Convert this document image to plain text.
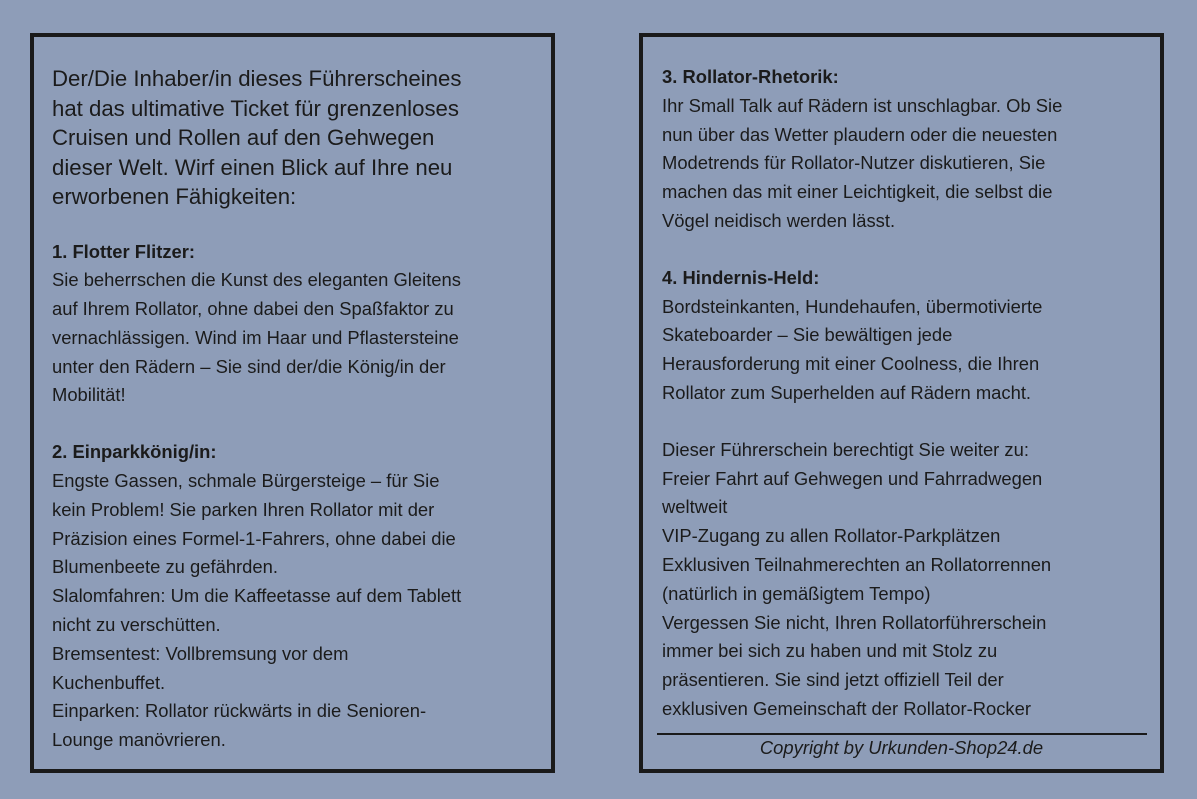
Der/Die Inhaber/in dieses Führerscheines
hat das ultimative Ticket für grenzenloses
Cruisen und Rollen auf den Gehwegen
dieser Welt. Wirf einen Blick auf Ihre neu
erworbenen Fähigkeiten:
1. Flotter Flitzer:
Sie beherrschen die Kunst des eleganten Gleitens
auf Ihrem Rollator, ohne dabei den Spaßfaktor zu
vernachlässigen. Wind im Haar und Pflastersteine
unter den Rädern – Sie sind der/die König/in der
Mobilität!
2. Einparkkönig/in:
Engste Gassen, schmale Bürgersteige – für Sie
kein Problem! Sie parken Ihren Rollator mit der
Präzision eines Formel-1-Fahrers, ohne dabei die
Blumenbeete zu gefährden.
Slalomfahren: Um die Kaffeetasse auf dem Tablett
nicht zu verschütten.
Bremsentest: Vollbremsung vor dem
Kuchenbuffet.
Einparken: Rollator rückwärts in die Senioren-
Lounge manövrieren.
3. Rollator-Rhetorik:
Ihr Small Talk auf Rädern ist unschlagbar. Ob Sie
nun über das Wetter plaudern oder die neuesten
Modetrends für Rollator-Nutzer diskutieren, Sie
machen das mit einer Leichtigkeit, die selbst die
Vögel neidisch werden lässt.
4. Hindernis-Held:
Bordsteinkanten, Hundehaufen, übermotivierte
Skateboarder – Sie bewältigen jede
Herausforderung mit einer Coolness, die Ihren
Rollator zum Superhelden auf Rädern macht.
Dieser Führerschein berechtigt Sie weiter zu:
Freier Fahrt auf Gehwegen und Fahrradwegen
weltweit
VIP-Zugang zu allen Rollator-Parkplätzen
Exklusiven Teilnahmerechten an Rollatorrennen
(natürlich in gemäßigtem Tempo)
Vergessen Sie nicht, Ihren Rollatorführerschein
immer bei sich zu haben und mit Stolz zu
präsentieren. Sie sind jetzt offiziell Teil der
exklusiven Gemeinschaft der Rollator-Rocker
Copyright by Urkunden-Shop24.de
